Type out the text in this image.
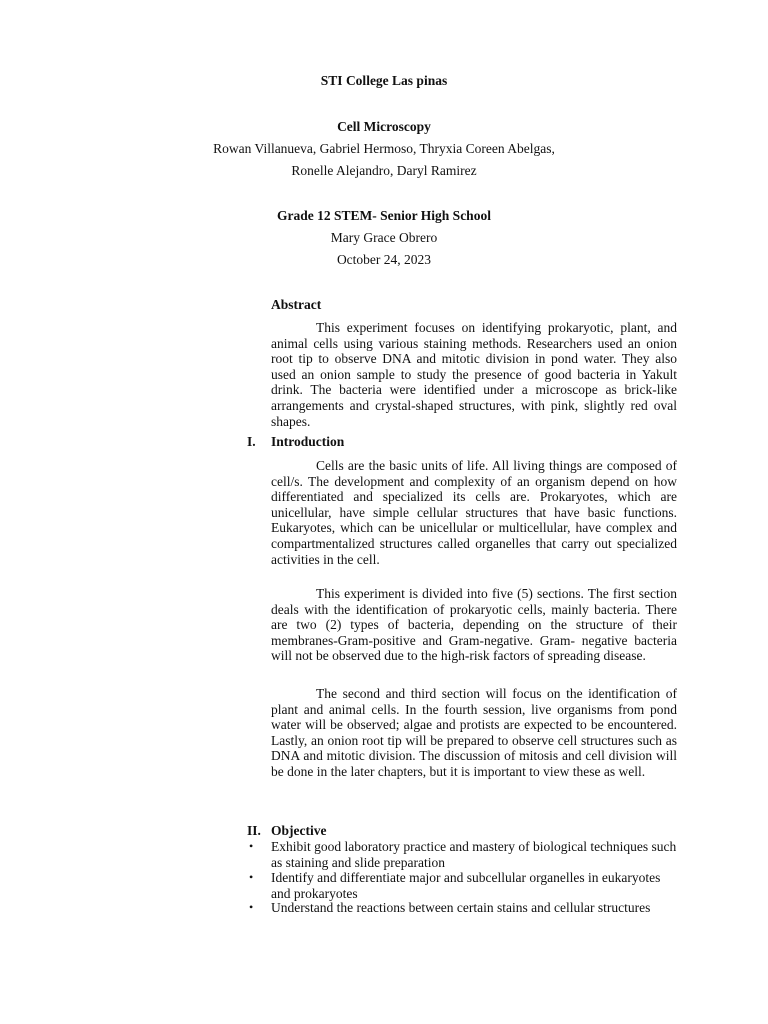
STI College Las pinas

Cell Microscopy

Rowan Villanueva, Gabriel Hermoso, Thryxia Coreen Abelgas,

Ronelle Alejandro, Daryl Ramirez

Grade 12 STEM- Senior High School

Mary Grace Obrero

October 24, 2023

Abstract

This experiment focuses on identifying prokaryotic, plant, and animal cells using various staining methods. Researchers used an onion root tip to observe DNA and mitotic division in pond water. They also used an onion sample to study the presence of good bacteria in Yakult drink. The bacteria were identified under a microscope as brick-like arrangements and crystal-shaped structures, with pink, slightly red oval shapes.

I. Introduction

Cells are the basic units of life. All living things are composed of cell/s. The development and complexity of an organism depend on how differentiated and specialized its cells are. Prokaryotes, which are unicellular, have simple cellular structures that have basic functions. Eukaryotes, which can be unicellular or multicellular, have complex and compartmentalized structures called organelles that carry out specialized activities in the cell.

This experiment is divided into five (5) sections. The first section deals with the identification of prokaryotic cells, mainly bacteria. There are two (2) types of bacteria, depending on the structure of their membranes-Gram-positive and Gram-negative. Gram- negative bacteria will not be observed due to the high-risk factors of spreading disease.

The second and third section will focus on the identification of plant and animal cells. In the fourth session, live organisms from pond water will be observed; algae and protists are expected to be encountered. Lastly, an onion root tip will be prepared to observe cell structures such as DNA and mitotic division. The discussion of mitosis and cell division will be done in the later chapters, but it is important to view these as well.

II. Objective

•	Exhibit good laboratory practice and mastery of biological techniques such as staining and slide preparation
•	Identify and differentiate major and subcellular organelles in eukaryotes and prokaryotes
•	Understand the reactions between certain stains and cellular structures
